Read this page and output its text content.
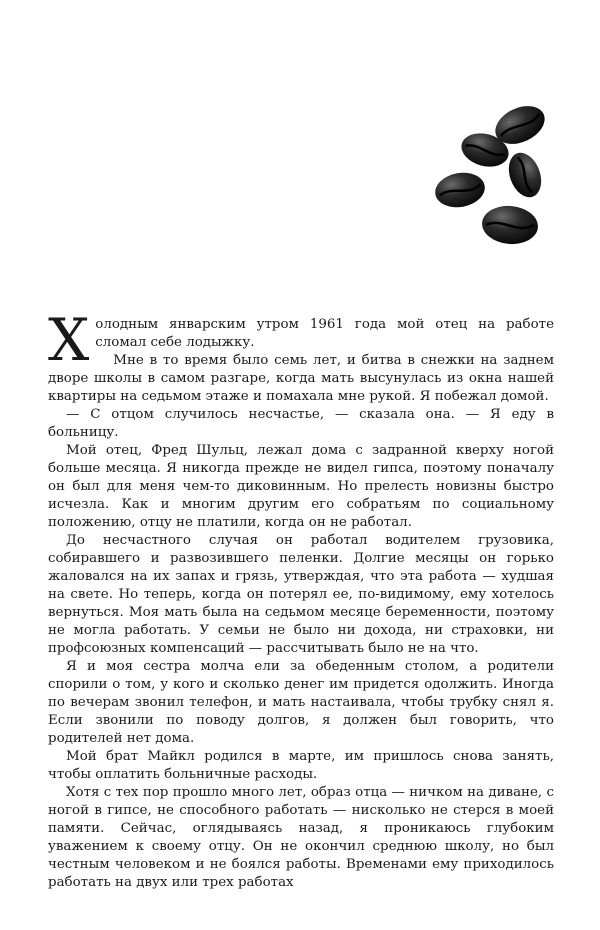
Х олодным январским утром 1961 года мой отец на работе сломал себе лодыжку.

Мне в то время было семь лет, и битва в снежки на заднем дворе школы в самом разгаре, когда мать высунулась из окна нашей квартиры на седьмом этаже и помахала мне рукой. Я побежал домой.

— С отцом случилось несчастье, — сказала она. — Я еду в больницу.

Мой отец, Фред Шульц, лежал дома с задранной кверху ногой больше месяца. Я никогда прежде не видел гипса, поэтому поначалу он был для меня чем-то диковинным. Но прелесть новизны быстро исчезла. Как и многим другим его собратьям по социальному положению, отцу не платили, когда он не работал.

До несчастного случая он работал водителем грузовика, собиравшего и развозившего пеленки. Долгие месяцы он горько жаловался на их запах и грязь, утверждая, что эта работа — худшая на свете. Но теперь, когда он потерял ее, по-видимому, ему хотелось вернуться. Моя мать была на седьмом месяце беременности, поэтому не могла работать. У семьи не было ни дохода, ни страховки, ни профсоюзных компенсаций — рассчитывать было не на что.

Я и моя сестра молча ели за обеденным столом, а родители спорили о том, у кого и сколько денег им придется одолжить. Иногда по вечерам звонил телефон, и мать настаивала, чтобы трубку снял я. Если звонили по поводу долгов, я должен был говорить, что родителей нет дома.

Мой брат Майкл родился в марте, им пришлось снова занять, чтобы оплатить больничные расходы.

Хотя с тех пор прошло много лет, образ отца — ничком на диване, с ногой в гипсе, не способного работать — нисколько не стерся в моей памяти. Сейчас, оглядываясь назад, я проникаюсь глубоким уважением к своему отцу. Он не окончил среднюю школу, но был честным человеком и не боялся работы. Временами ему приходилось работать на двух или трех работах
